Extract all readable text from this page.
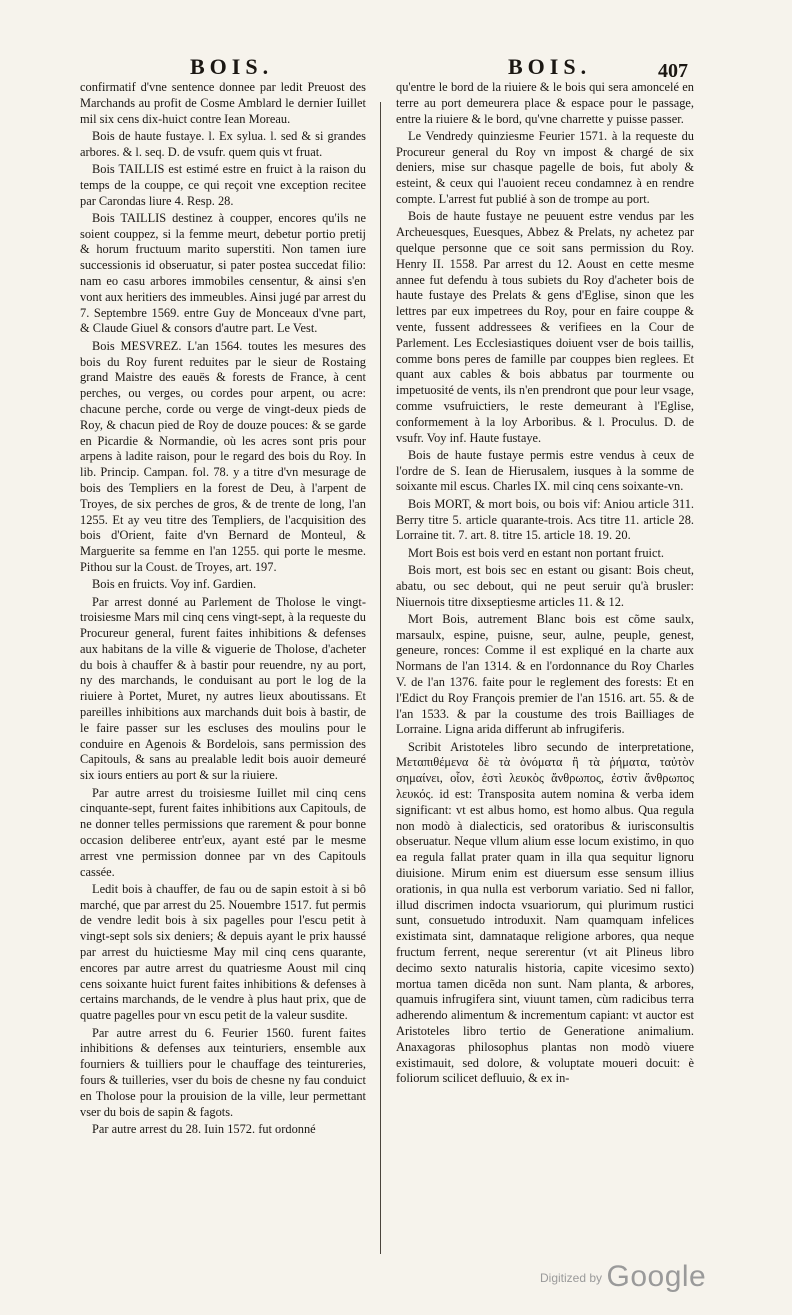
BOIS.	BOIS.	407

confirmatif d'vne sentence donnee par ledit Preuost des Marchands au profit de Cosme Amblard le dernier Iuillet mil six cens dix-huict contre Iean Moreau.

Bois de haute fustaye. l. Ex sylua. l. sed & si grandes arbores. & l. seq. D. de vsufr. quem quis vt fruat.

Bois TAILLIS est estimé estre en fruict à la raison du temps de la couppe, ce qui reçoit vne exception recitee par Carondas liure 4. Resp. 28.

Bois TAILLIS destinez à coupper, encores qu'ils ne soient couppez, si la femme meurt, debetur portio pretij & horum fructuum marito superstiti. Non tamen iure successionis id obseruatur, si pater postea succedat filio: nam eo casu arbores immobiles censentur, & ainsi s'en vont aux heritiers des immeubles. Ainsi jugé par arrest du 7. Septembre 1569. entre Guy de Monceaux d'vne part, & Claude Giuel & consors d'autre part. Le Vest.

Bois MESVREZ. L'an 1564. toutes les mesures des bois du Roy furent reduites par le sieur de Rostaing grand Maistre des eauës & forests de France, à cent perches, ou verges, ou cordes pour arpent, ou acre: chacune perche, corde ou verge de vingt-deux pieds de Roy, & chacun pied de Roy de douze pouces: & se garde en Picardie & Normandie, où les acres sont pris pour arpens à ladite raison, pour le regard des bois du Roy. In lib. Princip. Campan. fol. 78. y a titre d'vn mesurage de bois des Templiers en la forest de Deu, à l'arpent de Troyes, de six perches de gros, & de trente de long, l'an 1255. Et ay veu titre des Templiers, de l'acquisition des bois d'Orient, faite d'vn Bernard de Monteul, & Marguerite sa femme en l'an 1255. qui porte le mesme. Pithou sur la Coust. de Troyes, art. 197.

Bois en fruicts. Voy inf. Gardien.

Par arrest donné au Parlement de Tholose le vingt-troisiesme Mars mil cinq cens vingt-sept, à la requeste du Procureur general, furent faites inhibitions & defenses aux habitans de la ville & viguerie de Tholose, d'acheter du bois à chauffer & à bastir pour reuendre, ny au port, ny des marchands, le conduisant au port le log de la riuiere à Portet, Muret, ny autres lieux aboutissans. Et pareilles inhibitions aux marchands duit bois à bastir, de le faire passer sur les escluses des moulins pour le conduire en Agenois & Bordelois, sans permission des Capitouls, & sans au prealable ledit bois auoir demeuré six iours entiers au port & sur la riuiere.

Par autre arrest du troisiesme Iuillet mil cinq cens cinquante-sept, furent faites inhibitions aux Capitouls, de ne donner telles permissions que rarement & pour bonne occasion deliberee entr'eux, ayant esté par le mesme arrest vne permission donnee par vn des Capitouls cassée.

Ledit bois à chauffer, de fau ou de sapin estoit à si bô marché, que par arrest du 25. Nouembre 1517. fut permis de vendre ledit bois à six pagelles pour l'escu petit à vingt-sept sols six deniers; & depuis ayant le prix haussé par arrest du huictiesme May mil cinq cens quarante, encores par autre arrest du quatriesme Aoust mil cinq cens soixante huict furent faites inhibitions & defenses à certains marchands, de le vendre à plus haut prix, que de quatre pagelles pour vn escu petit de la valeur susdite.

Par autre arrest du 6. Feurier 1560. furent faites inhibitions & defenses aux teinturiers, ensemble aux fourniers & tuilliers pour le chauffage des teintureries, fours & tuilleries, vser du bois de chesne ny fau conduict en Tholose pour la prouision de la ville, leur permettant vser du bois de sapin & fagots.

Par autre arrest du 28. Iuin 1572. fut ordonné

qu'entre le bord de la riuiere & le bois qui sera amoncelé en terre au port demeurera place & espace pour le passage, entre la riuiere & le bord, qu'vne charrette y puisse passer.

Le Vendredy quinziesme Feurier 1571. à la requeste du Procureur general du Roy vn impost & chargé de six deniers, mise sur chasque pagelle de bois, fut aboly & esteint, & ceux qui l'auoient receu condamnez à en rendre compte. L'arrest fut publié à son de trompe au port.

Bois de haute fustaye ne peuuent estre vendus par les Archeuesques, Euesques, Abbez & Prelats, ny achetez par quelque personne que ce soit sans permission du Roy. Henry II. 1558. Par arrest du 12. Aoust en cette mesme annee fut defendu à tous subiets du Roy d'acheter bois de haute fustaye des Prelats & gens d'Eglise, sinon que les lettres par eux impetrees du Roy, pour en faire couppe & vente, fussent addressees & verifiees en la Cour de Parlement. Les Ecclesiastiques doiuent vser de bois taillis, comme bons peres de famille par couppes bien reglees. Et quant aux cables & bois abbatus par tourmente ou impetuosité de vents, ils n'en prendront que pour leur vsage, comme vsufruictiers, le reste demeurant à l'Eglise, conformement à la loy Arboribus. & l. Proculus. D. de vsufr. Voy inf. Haute fustaye.

Bois de haute fustaye permis estre vendus à ceux de l'ordre de S. Iean de Hierusalem, iusques à la somme de soixante mil escus. Charles IX. mil cinq cens soixante-vn.

Bois MORT, & mort bois, ou bois vif: Aniou article 311. Berry titre 5. article quarante-trois. Acs titre 11. article 28. Lorraine tit. 7. art. 8. titre 15. article 18. 19. 20.

Mort Bois est bois verd en estant non portant fruict.

Bois mort, est bois sec en estant ou gisant: Bois cheut, abatu, ou sec debout, qui ne peut seruir qu'à brusler: Niuernois titre dixseptiesme articles 11. & 12.

Mort Bois, autrement Blanc bois est cõme saulx, marsaulx, espine, puisne, seur, aulne, peuple, genest, geneure, ronces: Comme il est expliqué en la charte aux Normans de l'an 1314. & en l'ordonnance du Roy Charles V. de l'an 1376. faite pour le reglement des forests: Et en l'Edict du Roy François premier de l'an 1516. art. 55. & de l'an 1533. & par la coustume des trois Bailliages de Lorraine. Ligna arida differunt ab infrugiferis.

Scribit Aristoteles libro secundo de interpretatione, Μεταπιθέμενα δὲ τὰ ὀνόματα ἢ τὰ ῥήματα, ταὐτὸν σημαίνει, οἷον, ἐστὶ λευκὸς ἄνθρωπος, ἐστὶν ἄνθρωπος λευκός. id est: Transposita autem nomina & verba idem significant: vt est albus homo, est homo albus. Qua regula non modò à dialecticis, sed oratoribus & iurisconsultis obseruatur. Neque vllum alium esse locum existimo, in quo ea regula fallat prater quam in illa qua sequitur lignoru diuisione. Mirum enim est diuersum esse sensum illius orationis, in qua nulla est verborum variatio. Sed ni fallor, illud discrimen indocta vsuariorum, qui plurimum rustici sunt, consuetudo introduxit. Nam quamquam infelices existimata sint, damnataque religione arbores, qua neque fructum ferrent, neque sererentur (vt ait Plineus libro decimo sexto naturalis historia, capite vicesimo sexto) mortua tamen dicẽda non sunt. Nam planta, & arbores, quamuis infrugifera sint, viuunt tamen, cùm radicibus terra adherendo alimentum & incrementum capiant: vt auctor est Aristoteles libro tertio de Generatione animalium. Anaxagoras philosophus plantas non modò viuere existimauit, sed dolore, & voluptate moueri docuit: è foliorum scilicet defluuio, & ex in-

$^{Digitized by}$ Google
